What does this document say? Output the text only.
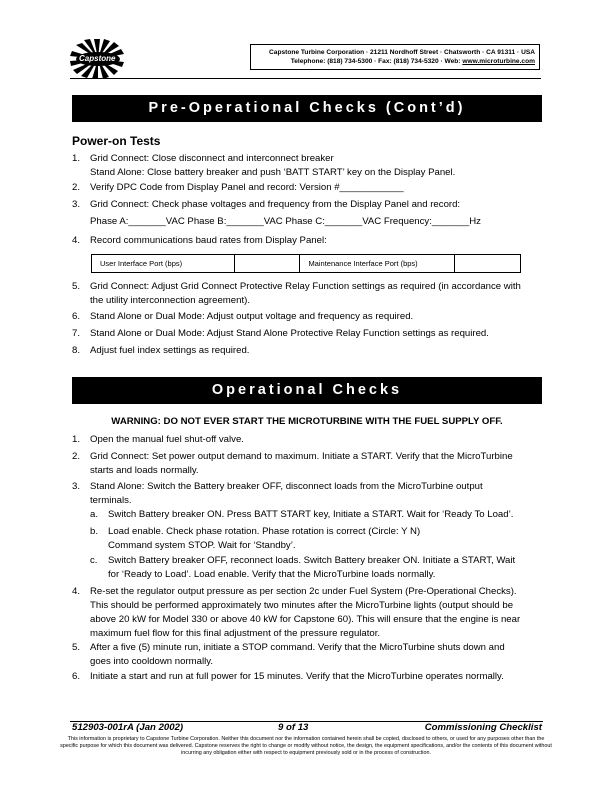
Capstone
Capstone Turbine Corporation · 21211 Nordhoff Street · Chatsworth · CA 91311 · USA
Telephone: (818) 734-5300 · Fax: (818) 734-5320 · Web: www.microturbine.com
Pre-Operational Checks (Cont’d)
Power-on Tests
1.	Grid Connect: Close disconnect and interconnect breaker
Stand Alone: Close battery breaker and push ‘BATT START’ key on the Display Panel.
2.	Verify DPC Code from Display Panel and record: Version #____________
3.	Grid Connect: Check phase voltages and frequency from the Display Panel and record:
Phase A:_______VAC Phase B:_______VAC Phase C:_______VAC Frequency:_______Hz
4.	Record communications baud rates from Display Panel:
User Interface Port (bps)		Maintenance Interface Port (bps)	
5.	Grid Connect: Adjust Grid Connect Protective Relay Function settings as required (in accordance with
the utility interconnection agreement).
6.	Stand Alone or Dual Mode: Adjust output voltage and frequency as required.
7.	Stand Alone or Dual Mode: Adjust Stand Alone Protective Relay Function settings as required.
8.	Adjust fuel index settings as required.
Operational Checks
WARNING: DO NOT EVER START THE MICROTURBINE WITH THE FUEL SUPPLY OFF.
1.	Open the manual fuel shut-off valve.
2.	Grid Connect: Set power output demand to maximum. Initiate a START. Verify that the MicroTurbine
starts and loads normally.
3.	Stand Alone: Switch the Battery breaker OFF, disconnect loads from the MicroTurbine output
terminals.
a.	Switch Battery breaker ON. Press BATT START key, Initiate a START. Wait for ‘Ready To Load’.
b.	Load enable. Check phase rotation. Phase rotation is correct (Circle: Y N)
Command system STOP. Wait for ‘Standby’.
c.	Switch Battery breaker OFF, reconnect loads. Switch Battery breaker ON. Initiate a START, Wait
for ‘Ready to Load’. Load enable. Verify that the MicroTurbine loads normally.
4.	Re-set the regulator output pressure as per section 2c under Fuel System (Pre-Operational Checks).
This should be performed approximately two minutes after the MicroTurbine lights (output should be
above 20 kW for Model 330 or above 40 kW for Capstone 60). This will ensure that the engine is near
maximum fuel flow for this final adjustment of the pressure regulator.
5.	After a five (5) minute run, initiate a STOP command. Verify that the MicroTurbine shuts down and
goes into cooldown normally.
6.	Initiate a start and run at full power for 15 minutes. Verify that the MicroTurbine operates normally.
512903-001rA (Jan 2002)	9 of 13	Commissioning Checklist
This information is proprietary to Capstone Turbine Corporation. Neither this document nor the information contained herein shall be copied, disclosed to others, or used for any purposes other than the specific purpose for which this document was delivered. Capstone reserves the right to change or modify without notice, the design, the equipment specifications, and/or the contents of this document without incurring any obligation either with respect to equipment previously sold or in the process of construction.
